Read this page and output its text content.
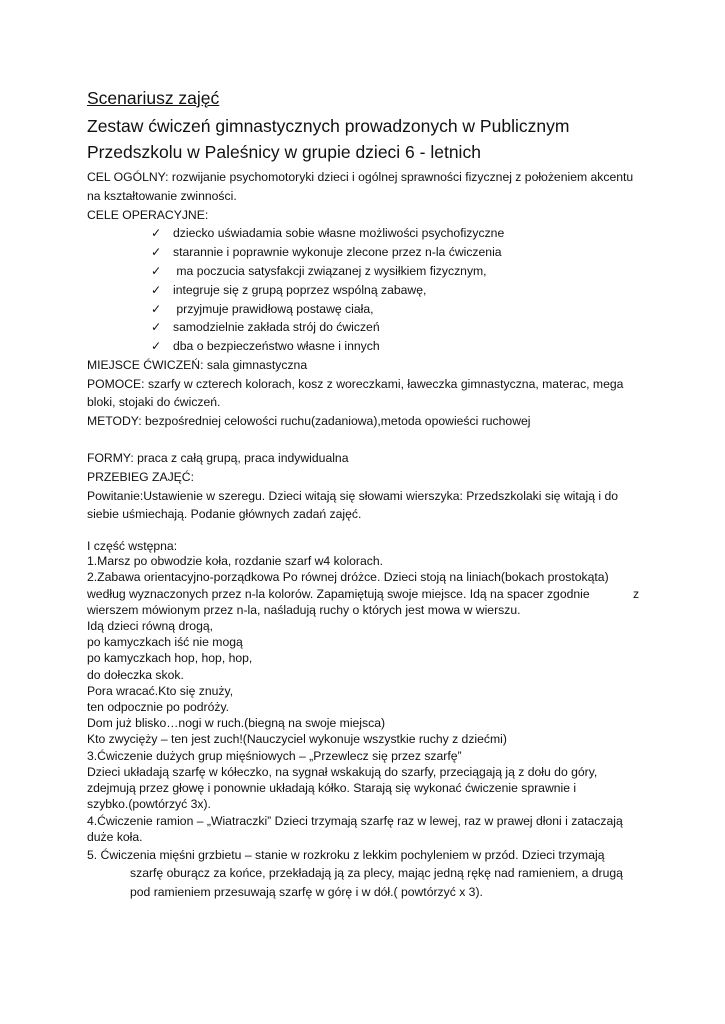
Scenariusz zajęć
Zestaw ćwiczeń gimnastycznych prowadzonych w Publicznym
Przedszkolu w Paleśnicy w grupie dzieci 6 - letnich
CEL OGÓLNY: rozwijanie psychomotoryki dzieci i ogólnej sprawności fizycznej z położeniem akcentu
na kształtowanie zwinności.
CELE OPERACYJNE:
✓ dziecko uświadamia sobie własne możliwości psychofizyczne
✓ starannie i poprawnie wykonuje zlecone przez n-la ćwiczenia
✓ ma poczucia satysfakcji związanej z wysiłkiem fizycznym,
✓ integruje się z grupą poprzez wspólną zabawę,
✓ przyjmuje prawidłową postawę ciała,
✓ samodzielnie zakłada strój do ćwiczeń
✓ dba o bezpieczeństwo własne i innych
MIEJSCE ĆWICZEŃ: sala gimnastyczna
POMOCE: szarfy w czterech kolorach, kosz z woreczkami, ławeczka gimnastyczna, materac, mega
bloki, stojaki do ćwiczeń.
METODY: bezpośredniej celowości ruchu(zadaniowa),metoda opowieści ruchowej
FORMY: praca z całą grupą, praca indywidualna
PRZEBIEG ZAJĘĆ:
Powitanie:Ustawienie w szeregu. Dzieci witają się słowami wierszyka: Przedszkolaki się witają i do
siebie uśmiechają. Podanie głównych zadań zajęć.
I część wstępna:
1.Marsz po obwodzie koła, rozdanie szarf w4 kolorach.
2.Zabawa orientacyjno-porządkowa Po równej dróżce. Dzieci stoją na liniach(bokach prostokąta)
według wyznaczonych przez n-la kolorów. Zapamiętują swoje miejsce. Idą na spacer zgodnie	z
wierszem mówionym przez n-la, naśladują ruchy o których jest mowa w wierszu.
Idą dzieci równą drogą,
po kamyczkach iść nie mogą
po kamyczkach hop, hop, hop,
do dołeczka skok.
Pora wracać.Kto się znuży,
ten odpocznie po podróży.
Dom już blisko…nogi w ruch.(biegną na swoje miejsca)
Kto zwycięży – ten jest zuch!(Nauczyciel wykonuje wszystkie ruchy z dziećmi)
3.Ćwiczenie dużych grup mięśniowych – „Przewlecz się przez szarfę”
Dzieci układają szarfę w kółeczko, na sygnał wskakują do szarfy, przeciągają ją z dołu do góry,
zdejmują przez głowę i ponownie układają kółko. Starają się wykonać ćwiczenie sprawnie i
szybko.(powtórzyć 3x).
4.Ćwiczenie ramion – „Wiatraczki” Dzieci trzymają szarfę raz w lewej, raz w prawej dłoni i zataczają
duże koła.
5. Ćwiczenia mięśni grzbietu – stanie w rozkroku z lekkim pochyleniem w przód. Dzieci trzymają
szarfę oburącz za końce, przekładają ją za plecy, mając jedną rękę nad ramieniem, a drugą
pod ramieniem przesuwają szarfę w górę i w dół.( powtórzyć x 3).
